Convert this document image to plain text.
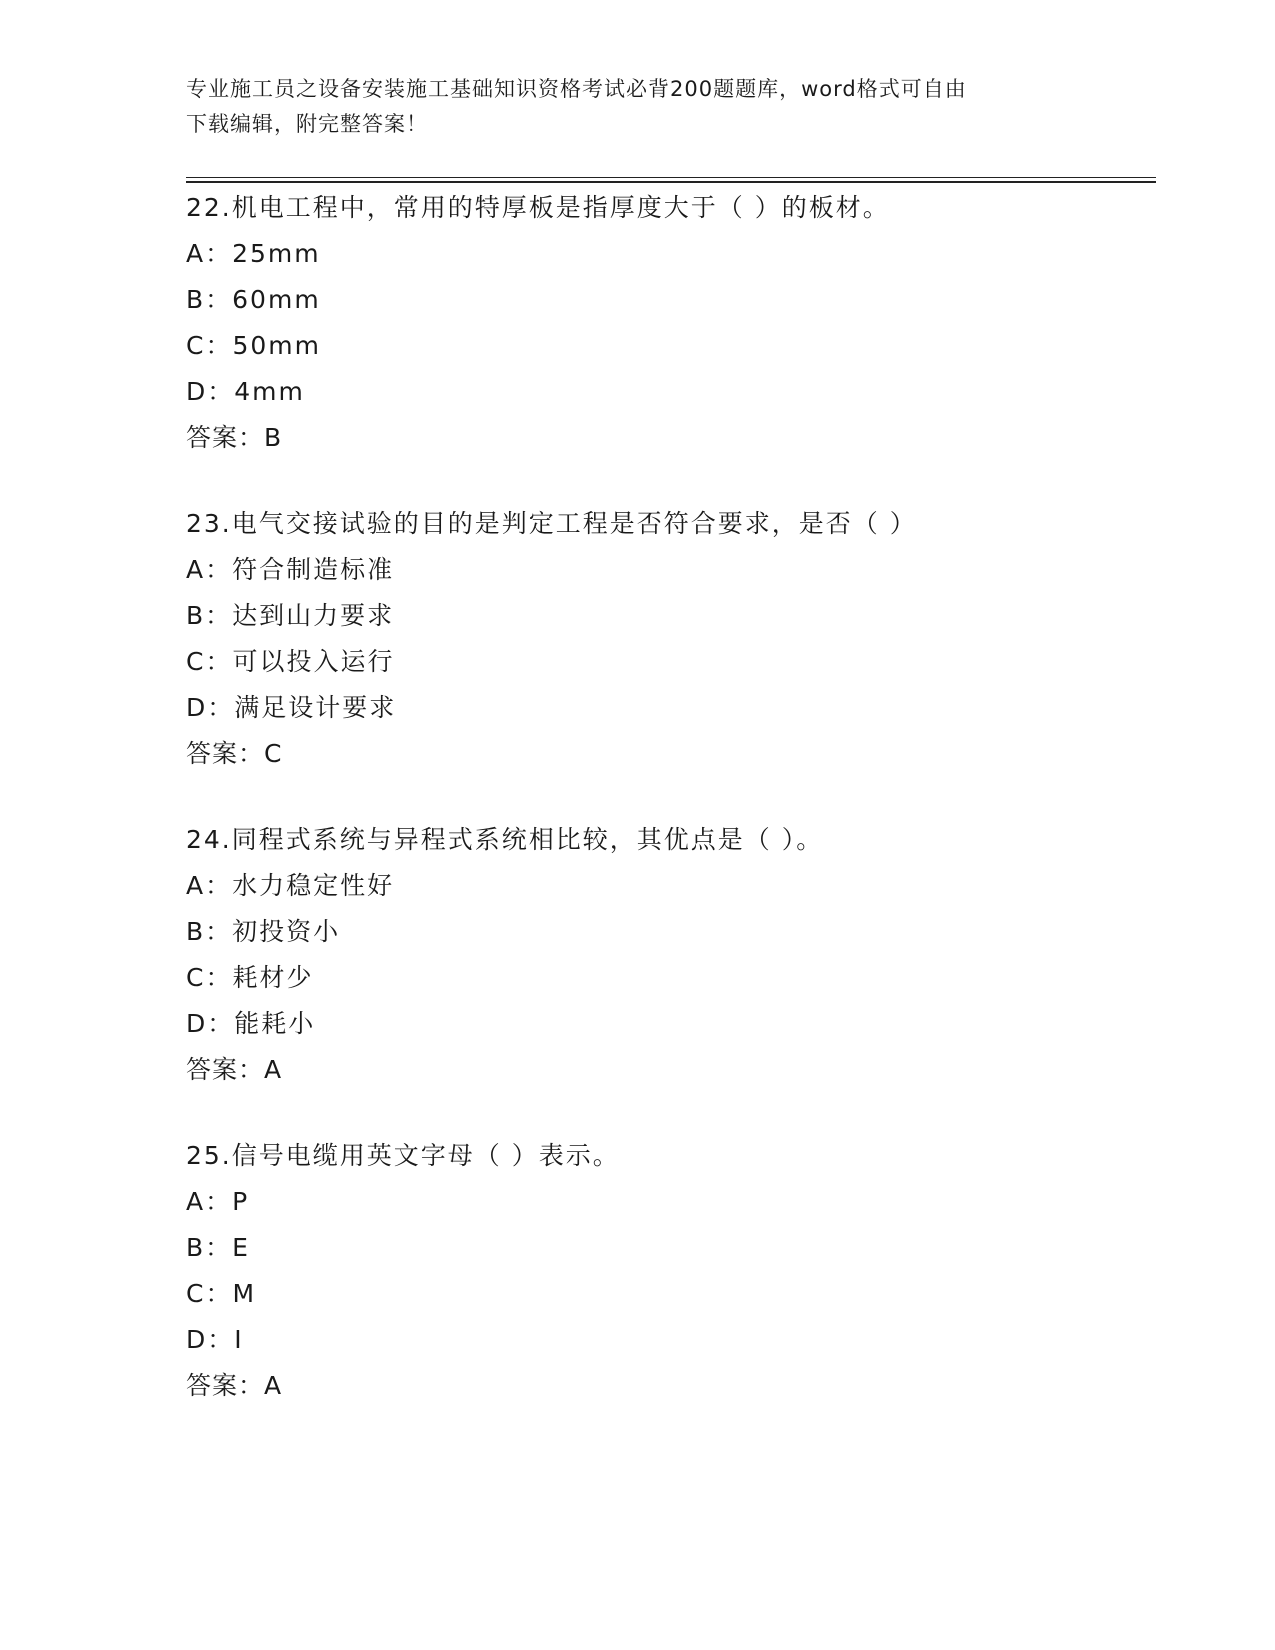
专业施工员之设备安装施工基础知识资格考试必背200题题库，word格式可自由
下载编辑，附完整答案！
22.机电工程中，常用的特厚板是指厚度大于（ ）的板材。
A：25mm
B：60mm
C：50mm
D：4mm
答案：B
23.电气交接试验的目的是判定工程是否符合要求，是否（ ）
A：符合制造标准
B：达到山力要求
C：可以投入运行
D：满足设计要求
答案：C
24.同程式系统与异程式系统相比较，其优点是（ ）。
A：水力稳定性好
B：初投资小
C：耗材少
D：能耗小
答案：A
25.信号电缆用英文字母（ ）表示。
A：P
B：E
C：M
D：I
答案：A
